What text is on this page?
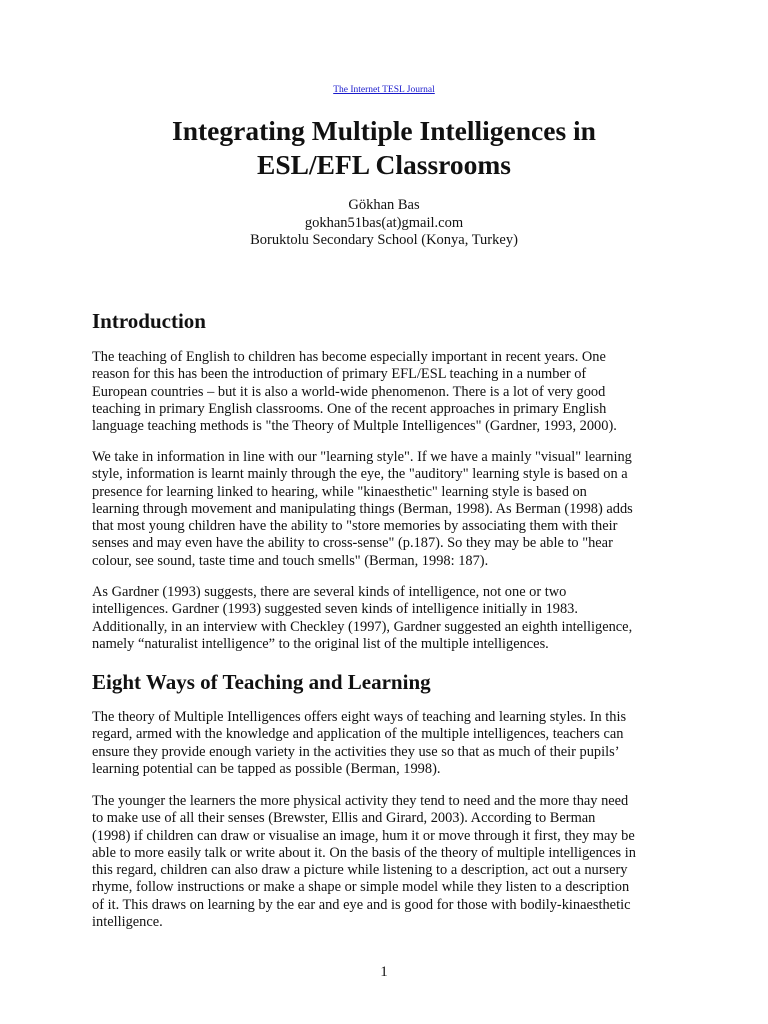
The Internet TESL Journal
Integrating Multiple Intelligences in
ESL/EFL Classrooms
Gökhan Bas
gokhan51bas(at)gmail.com
Boruktolu Secondary School (Konya, Turkey)
Introduction

The teaching of English to children has become especially important in recent years. One
reason for this has been the introduction of primary EFL/ESL teaching in a number of
European countries – but it is also a world-wide phenomenon. There is a lot of very good
teaching in primary English classrooms. One of the recent approaches in primary English
language teaching methods is "the Theory of Multple Intelligences" (Gardner, 1993, 2000).

We take in information in line with our "learning style". If we have a mainly "visual" learning
style, information is learnt mainly through the eye, the "auditory" learning style is based on a
presence for learning linked to hearing, while "kinaesthetic" learning style is based on
learning through movement and manipulating things (Berman, 1998). As Berman (1998) adds
that most young children have the ability to "store memories by associating them with their
senses and may even have the ability to cross-sense" (p.187). So they may be able to "hear
colour, see sound, taste time and touch smells" (Berman, 1998: 187).

As Gardner (1993) suggests, there are several kinds of intelligence, not one or two
intelligences. Gardner (1993) suggested seven kinds of intelligence initially in 1983.
Additionally, in an interview with Checkley (1997), Gardner suggested an eighth intelligence,
namely “naturalist intelligence” to the original list of the multiple intelligences.

Eight Ways of Teaching and Learning

The theory of Multiple Intelligences offers eight ways of teaching and learning styles. In this
regard, armed with the knowledge and application of the multiple intelligences, teachers can
ensure they provide enough variety in the activities they use so that as much of their pupils’
learning potential can be tapped as possible (Berman, 1998).

The younger the learners the more physical activity they tend to need and the more thay need
to make use of all their senses (Brewster, Ellis and Girard, 2003). According to Berman
(1998) if children can draw or visualise an image, hum it or move through it first, they may be
able to more easily talk or write about it. On the basis of the theory of multiple intelligences in
this regard, children can also draw a picture while listening to a description, act out a nursery
rhyme, follow instructions or make a shape or simple model while they listen to a description
of it. This draws on learning by the ear and eye and is good for those with bodily-kinaesthetic
intelligence.

1
